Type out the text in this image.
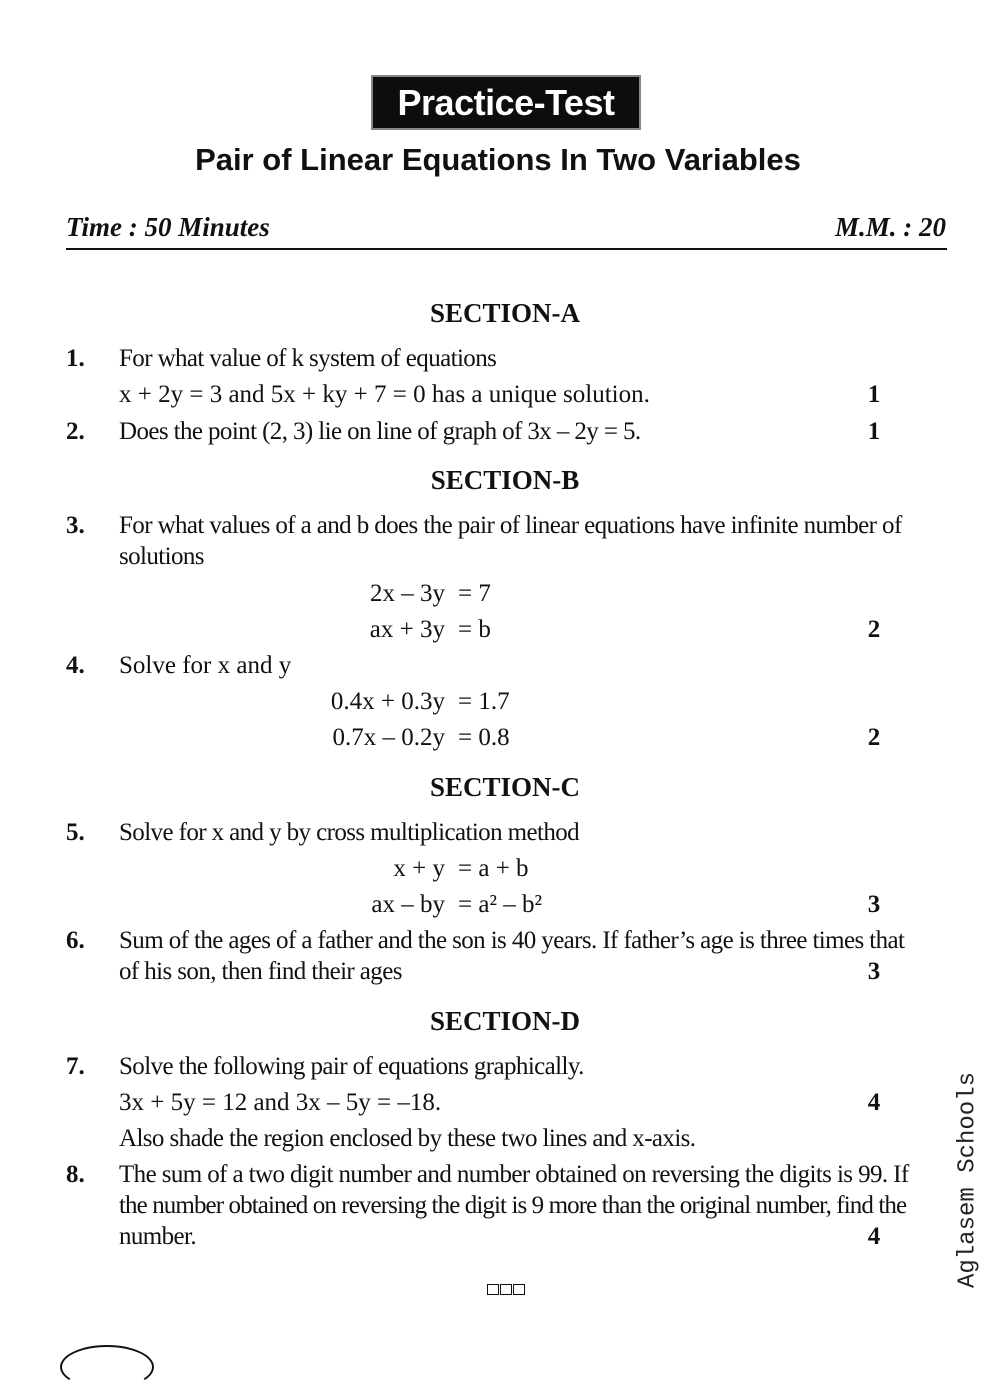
Practice-Test
Pair of Linear Equations In Two Variables
Time : 50 Minutes	M.M. : 20
SECTION-A
1. For what value of k system of equations
x + 2y = 3 and 5x + ky + 7 = 0 has a unique solution.	1
2. Does the point (2, 3) lie on line of graph of 3x – 2y = 5.	1
SECTION-B
3. For what values of a and b does the pair of linear equations have infinite number of
solutions
2x – 3y = 7
ax + 3y = b	2
4. Solve for x and y
0.4x + 0.3y = 1.7
0.7x – 0.2y = 0.8	2
SECTION-C
5. Solve for x and y by cross multiplication method
x + y = a + b
ax – by = a² – b²	3
6. Sum of the ages of a father and the son is 40 years. If father’s age is three times that
of his son, then find their ages	3
SECTION-D
7. Solve the following pair of equations graphically.
3x + 5y = 12 and 3x – 5y = –18.	4
Also shade the region enclosed by these two lines and x-axis.
8. The sum of a two digit number and number obtained on reversing the digits is 99. If
the number obtained on reversing the digit is 9 more than the original number, find the
number.	4	Aglasem Schools
